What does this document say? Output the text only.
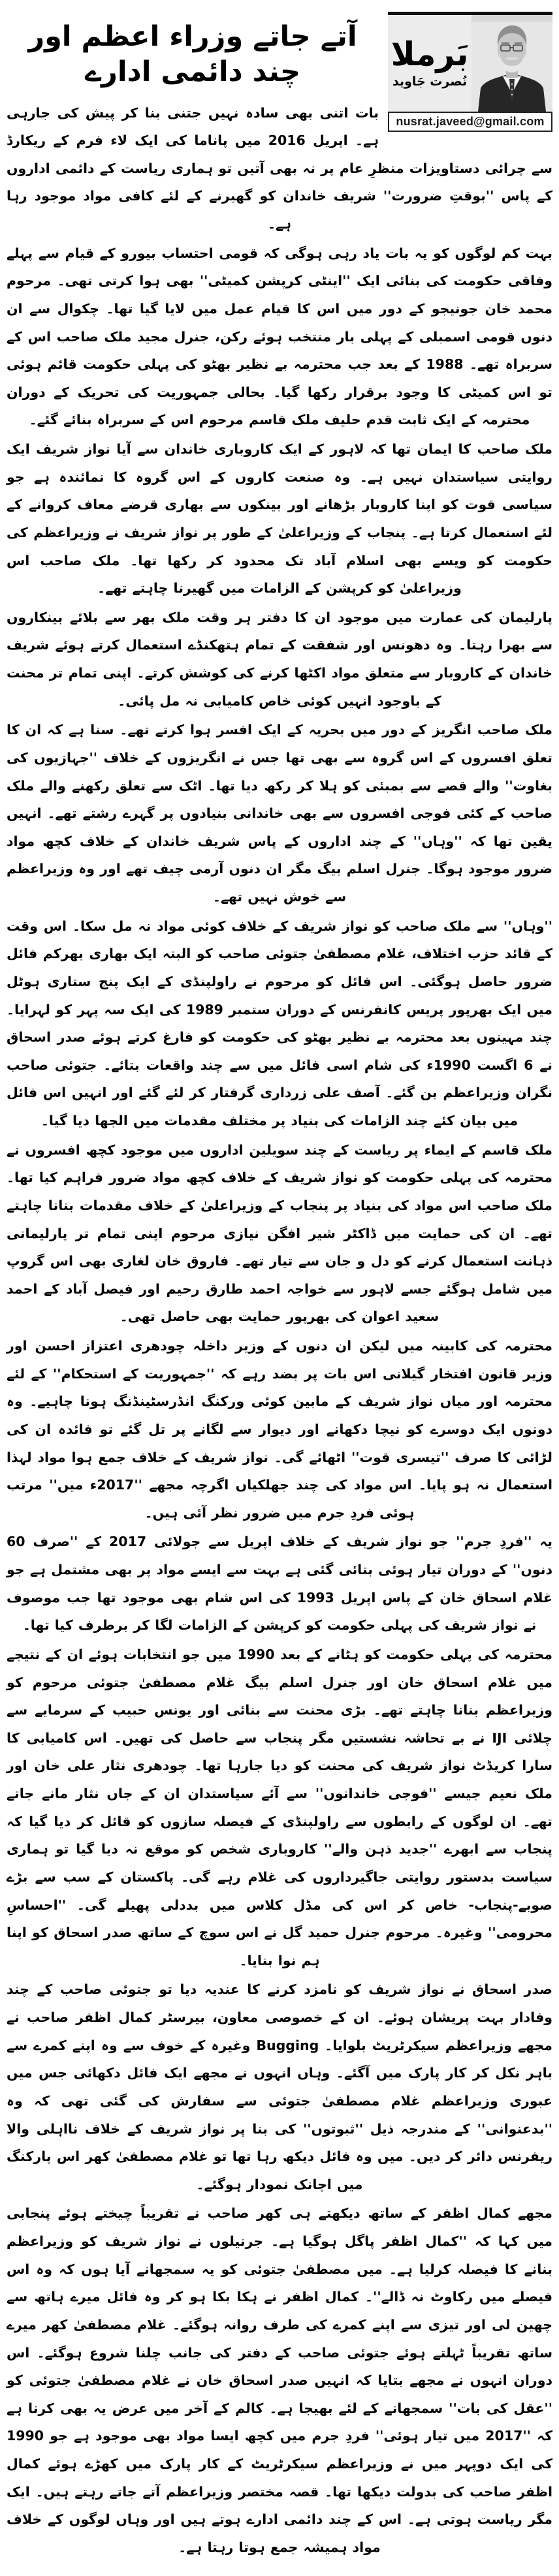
بَرملا
نُصرت جَاوید
nusrat.javeed@gmail.com
آتے جاتے وزراء اعظم اور چند دائمی ادارے

بات اتنی بھی سادہ نہیں جتنی بنا کر پیش کی جارہی ہے۔ اپریل 2016 میں پاناما کی ایک لاء فرم کے ریکارڈ سے چرائی دستاویزات منظرِ عام پر نہ بھی آتیں تو ہماری ریاست کے دائمی اداروں کے پاس ''بوقتِ ضرورت'' شریف خاندان کو گھیرنے کے لئے کافی مواد موجود رہا ہے۔

بہت کم لوگوں کو یہ بات یاد رہی ہوگی کہ قومی احتساب بیورو کے قیام سے پہلے وفاقی حکومت کی بنائی ایک ''اینٹی کرپشن کمیٹی'' بھی ہوا کرتی تھی۔ مرحوم محمد خان جونیجو کے دور میں اس کا قیام عمل میں لایا گیا تھا۔ چکوال سے ان دنوں قومی اسمبلی کے پہلی بار منتخب ہوئے رکن، جنرل مجید ملک صاحب اس کے سربراہ تھے۔ 1988 کے بعد جب محترمہ بے نظیر بھٹو کی پہلی حکومت قائم ہوئی تو اس کمیٹی کا وجود برقرار رکھا گیا۔ بحالی جمہوریت کی تحریک کے دوران محترمہ کے ایک ثابت قدم حلیف ملک قاسم مرحوم اس کے سربراہ بنائے گئے۔

ملک صاحب کا ایمان تھا کہ لاہور کے ایک کاروباری خاندان سے آیا نواز شریف ایک روایتی سیاستدان نہیں ہے۔ وہ صنعت کاروں کے اس گروہ کا نمائندہ ہے جو سیاسی قوت کو اپنا کاروبار بڑھانے اور بینکوں سے بھاری قرضے معاف کروانے کے لئے استعمال کرتا ہے۔ پنجاب کے وزیراعلیٰ کے طور پر نواز شریف نے وزیراعظم کی حکومت کو ویسے بھی اسلام آباد تک محدود کر رکھا تھا۔ ملک صاحب اس وزیراعلیٰ کو کرپشن کے الزامات میں گھیرنا چاہتے تھے۔

پارلیمان کی عمارت میں موجود ان کا دفتر ہر وقت ملک بھر سے بلائے بینکاروں سے بھرا رہتا۔ وہ دھونس اور شفقت کے تمام ہتھکنڈے استعمال کرتے ہوئے شریف خاندان کے کاروبار سے متعلق مواد اکٹھا کرنے کی کوشش کرتے۔ اپنی تمام تر محنت کے باوجود انہیں کوئی خاص کامیابی نہ مل پائی۔

ملک صاحب انگریز کے دور میں بحریہ کے ایک افسر ہوا کرتے تھے۔ سنا ہے کہ ان کا تعلق افسروں کے اس گروہ سے بھی تھا جس نے انگریزوں کے خلاف ''جہازیوں کی بغاوت'' والے قصے سے بمبئی کو ہلا کر رکھ دیا تھا۔ اٹک سے تعلق رکھنے والے ملک صاحب کے کئی فوجی افسروں سے بھی خاندانی بنیادوں پر گہرے رشتے تھے۔ انہیں یقین تھا کہ ''وہاں'' کے چند اداروں کے پاس شریف خاندان کے خلاف کچھ مواد ضرور موجود ہوگا۔ جنرل اسلم بیگ مگر ان دنوں آرمی چیف تھے اور وہ وزیراعظم سے خوش نہیں تھے۔

''وہاں'' سے ملک صاحب کو نواز شریف کے خلاف کوئی مواد نہ مل سکا۔ اس وقت کے قائد حزب اختلاف، غلام مصطفیٰ جتوئی صاحب کو البتہ ایک بھاری بھرکم فائل ضرور حاصل ہوگئی۔ اس فائل کو مرحوم نے راولپنڈی کے ایک پنج ستاری ہوٹل میں ایک بھرپور پریس کانفرنس کے دوران ستمبر 1989 کی ایک سہ پہر کو لہرایا۔ چند مہینوں بعد محترمہ بے نظیر بھٹو کی حکومت کو فارغ کرتے ہوئے صدر اسحاق نے 6 اگست 1990ء کی شام اسی فائل میں سے چند واقعات بتائے۔ جتوئی صاحب نگران وزیراعظم بن گئے۔ آصف علی زرداری گرفتار کر لئے گئے اور انہیں اس فائل میں بیان کئے چند الزامات کی بنیاد پر مختلف مقدمات میں الجھا دیا گیا۔

ملک قاسم کے ایماء پر ریاست کے چند سویلین اداروں میں موجود کچھ افسروں نے محترمہ کی پہلی حکومت کو نواز شریف کے خلاف کچھ مواد ضرور فراہم کیا تھا۔ ملک صاحب اس مواد کی بنیاد پر پنجاب کے وزیراعلیٰ کے خلاف مقدمات بنانا چاہتے تھے۔ ان کی حمایت میں ڈاکٹر شیر افگن نیازی مرحوم اپنی تمام تر پارلیمانی ذہانت استعمال کرنے کو دل و جان سے تیار تھے۔ فاروق خان لغاری بھی اس گروپ میں شامل ہوگئے جسے لاہور سے خواجہ احمد طارق رحیم اور فیصل آباد کے احمد سعید اعوان کی بھرپور حمایت بھی حاصل تھی۔

محترمہ کی کابینہ میں لیکن ان دنوں کے وزیر داخلہ چودھری اعتزاز احسن اور وزیر قانون افتخار گیلانی اس بات پر بضد رہے کہ ''جمہوریت کے استحکام'' کے لئے محترمہ اور میاں نواز شریف کے مابین کوئی ورکنگ انڈرسٹینڈنگ ہونا چاہیے۔ وہ دونوں ایک دوسرے کو نیچا دکھانے اور دیوار سے لگانے پر تل گئے تو فائدہ ان کی لڑائی کا صرف ''تیسری قوت'' اٹھائے گی۔ نواز شریف کے خلاف جمع ہوا مواد لہذا استعمال نہ ہو پایا۔ اس مواد کی چند جھلکیاں اگرچہ مجھے ''2017ء میں'' مرتب ہوئی فردِ جرم میں ضرور نظر آئی ہیں۔

یہ ''فردِ جرم'' جو نواز شریف کے خلاف اپریل سے جولائی 2017 کے ''صرف 60 دنوں'' کے دوران تیار ہوئی بتائی گئی ہے بہت سے ایسے مواد پر بھی مشتمل ہے جو غلام اسحاق خان کے پاس اپریل 1993 کی اس شام بھی موجود تھا جب موصوف نے نواز شریف کی پہلی حکومت کو کرپشن کے الزامات لگا کر برطرف کیا تھا۔

محترمہ کی پہلی حکومت کو ہٹانے کے بعد 1990 میں جو انتخابات ہوئے ان کے نتیجے میں غلام اسحاق خان اور جنرل اسلم بیگ غلام مصطفیٰ جتوئی مرحوم کو وزیراعظم بنانا چاہتے تھے۔ بڑی محنت سے بنائی اور یونس حبیب کے سرمایے سے چلائی IJI نے بے تحاشہ نشستیں مگر پنجاب سے حاصل کی تھیں۔ اس کامیابی کا سارا کریڈٹ نواز شریف کی محنت کو دیا جارہا تھا۔ چودھری نثار علی خان اور ملک نعیم جیسے ''فوجی خاندانوں'' سے آئے سیاستدان ان کے جاں نثار مانے جاتے تھے۔ ان لوگوں کے رابطوں سے راولپنڈی کے فیصلہ سازوں کو قائل کر دیا گیا کہ پنجاب سے ابھرے ''جدید ذہن والے'' کاروباری شخص کو موقع نہ دیا گیا تو ہماری سیاست بدستور روایتی جاگیرداروں کی غلام رہے گی۔ پاکستان کے سب سے بڑے صوبے-پنجاب- خاص کر اس کی مڈل کلاس میں بددلی پھیلے گی۔ ''احساسِ محرومی'' وغیرہ۔ مرحوم جنرل حمید گل نے اس سوچ کے ساتھ صدر اسحاق کو اپنا ہم نوا بنایا۔

صدر اسحاق نے نواز شریف کو نامزد کرنے کا عندیہ دیا تو جتوئی صاحب کے چند وفادار بہت پریشان ہوئے۔ ان کے خصوصی معاون، بیرسٹر کمال اظفر صاحب نے مجھے وزیراعظم سیکرٹریٹ بلوایا۔ Bugging وغیرہ کے خوف سے وہ اپنے کمرے سے باہر نکل کر کار پارک میں آگئے۔ وہاں انہوں نے مجھے ایک فائل دکھائی جس میں عبوری وزیراعظم غلام مصطفیٰ جتوئی سے سفارش کی گئی تھی کہ وہ ''بدعنوانی'' کے مندرجہ ذیل ''ثبوتوں'' کی بنا پر نواز شریف کے خلاف نااہلی والا ریفرنس دائر کر دیں۔ میں وہ فائل دیکھ رہا تھا تو غلام مصطفیٰ کھر اس پارکنگ میں اچانک نمودار ہوگئے۔

مجھے کمال اظفر کے ساتھ دیکھتے ہی کھر صاحب نے تقریباً چیختے ہوئے پنجابی میں کہا کہ ''کمال اظفر پاگل ہوگیا ہے۔ جرنیلوں نے نواز شریف کو وزیراعظم بنانے کا فیصلہ کرلیا ہے۔ میں مصطفیٰ جتوئی کو یہ سمجھانے آیا ہوں کہ وہ اس فیصلے میں رکاوٹ نہ ڈالے''۔ کمال اظفر نے ہکا بکا ہو کر وہ فائل میرے ہاتھ سے چھین لی اور تیزی سے اپنے کمرے کی طرف روانہ ہوگئے۔ غلام مصطفیٰ کھر میرے ساتھ تقریباً ٹہلتے ہوئے جتوئی صاحب کے دفتر کی جانب چلنا شروع ہوگئے۔ اس دوران انہوں نے مجھے بتایا کہ انہیں صدر اسحاق خان نے غلام مصطفیٰ جتوئی کو ''عقل کی بات'' سمجھانے کے لئے بھیجا ہے۔ کالم کے آخر میں عرض یہ بھی کرنا ہے کہ ''2017 میں تیار ہوئی'' فردِ جرم میں کچھ ایسا مواد بھی موجود ہے جو 1990 کی ایک دوپہر میں نے وزیراعظم سیکرٹریٹ کے کار پارک میں کھڑے ہوئے کمال اظفر صاحب کی بدولت دیکھا تھا۔ قصہ مختصر وزیراعظم آتے جاتے رہتے ہیں۔ ایک مگر ریاست ہوتی ہے۔ اس کے چند دائمی ادارے ہوتے ہیں اور وہاں لوگوں کے خلاف مواد ہمیشہ جمع ہوتا رہتا ہے۔
